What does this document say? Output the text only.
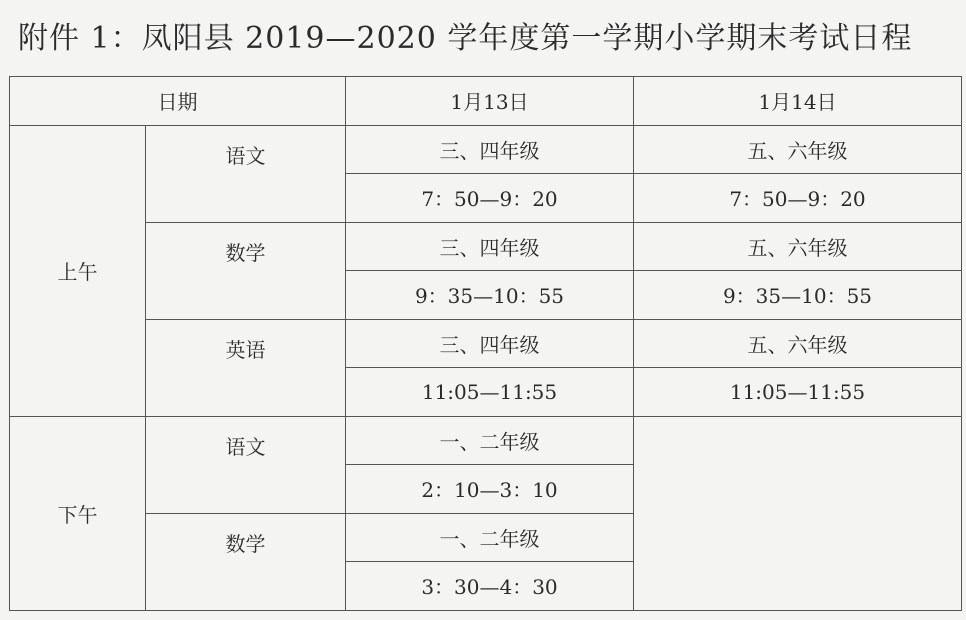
附件 1：凤阳县 2019—2020 学年度第一学期小学期末考试日程
日期		1月13日	1月14日
上午	语文	三、四年级	五、六年级
		7：50—9：20	7：50—9：20
	数学	三、四年级	五、六年级
		9：35—10：55	9：35—10：55
	英语	三、四年级	五、六年级
		11:05—11:55	11:05—11:55
下午	语文	一、二年级	
		2：10—3：10	
	数学	一、二年级	
		3：30—4：30	
